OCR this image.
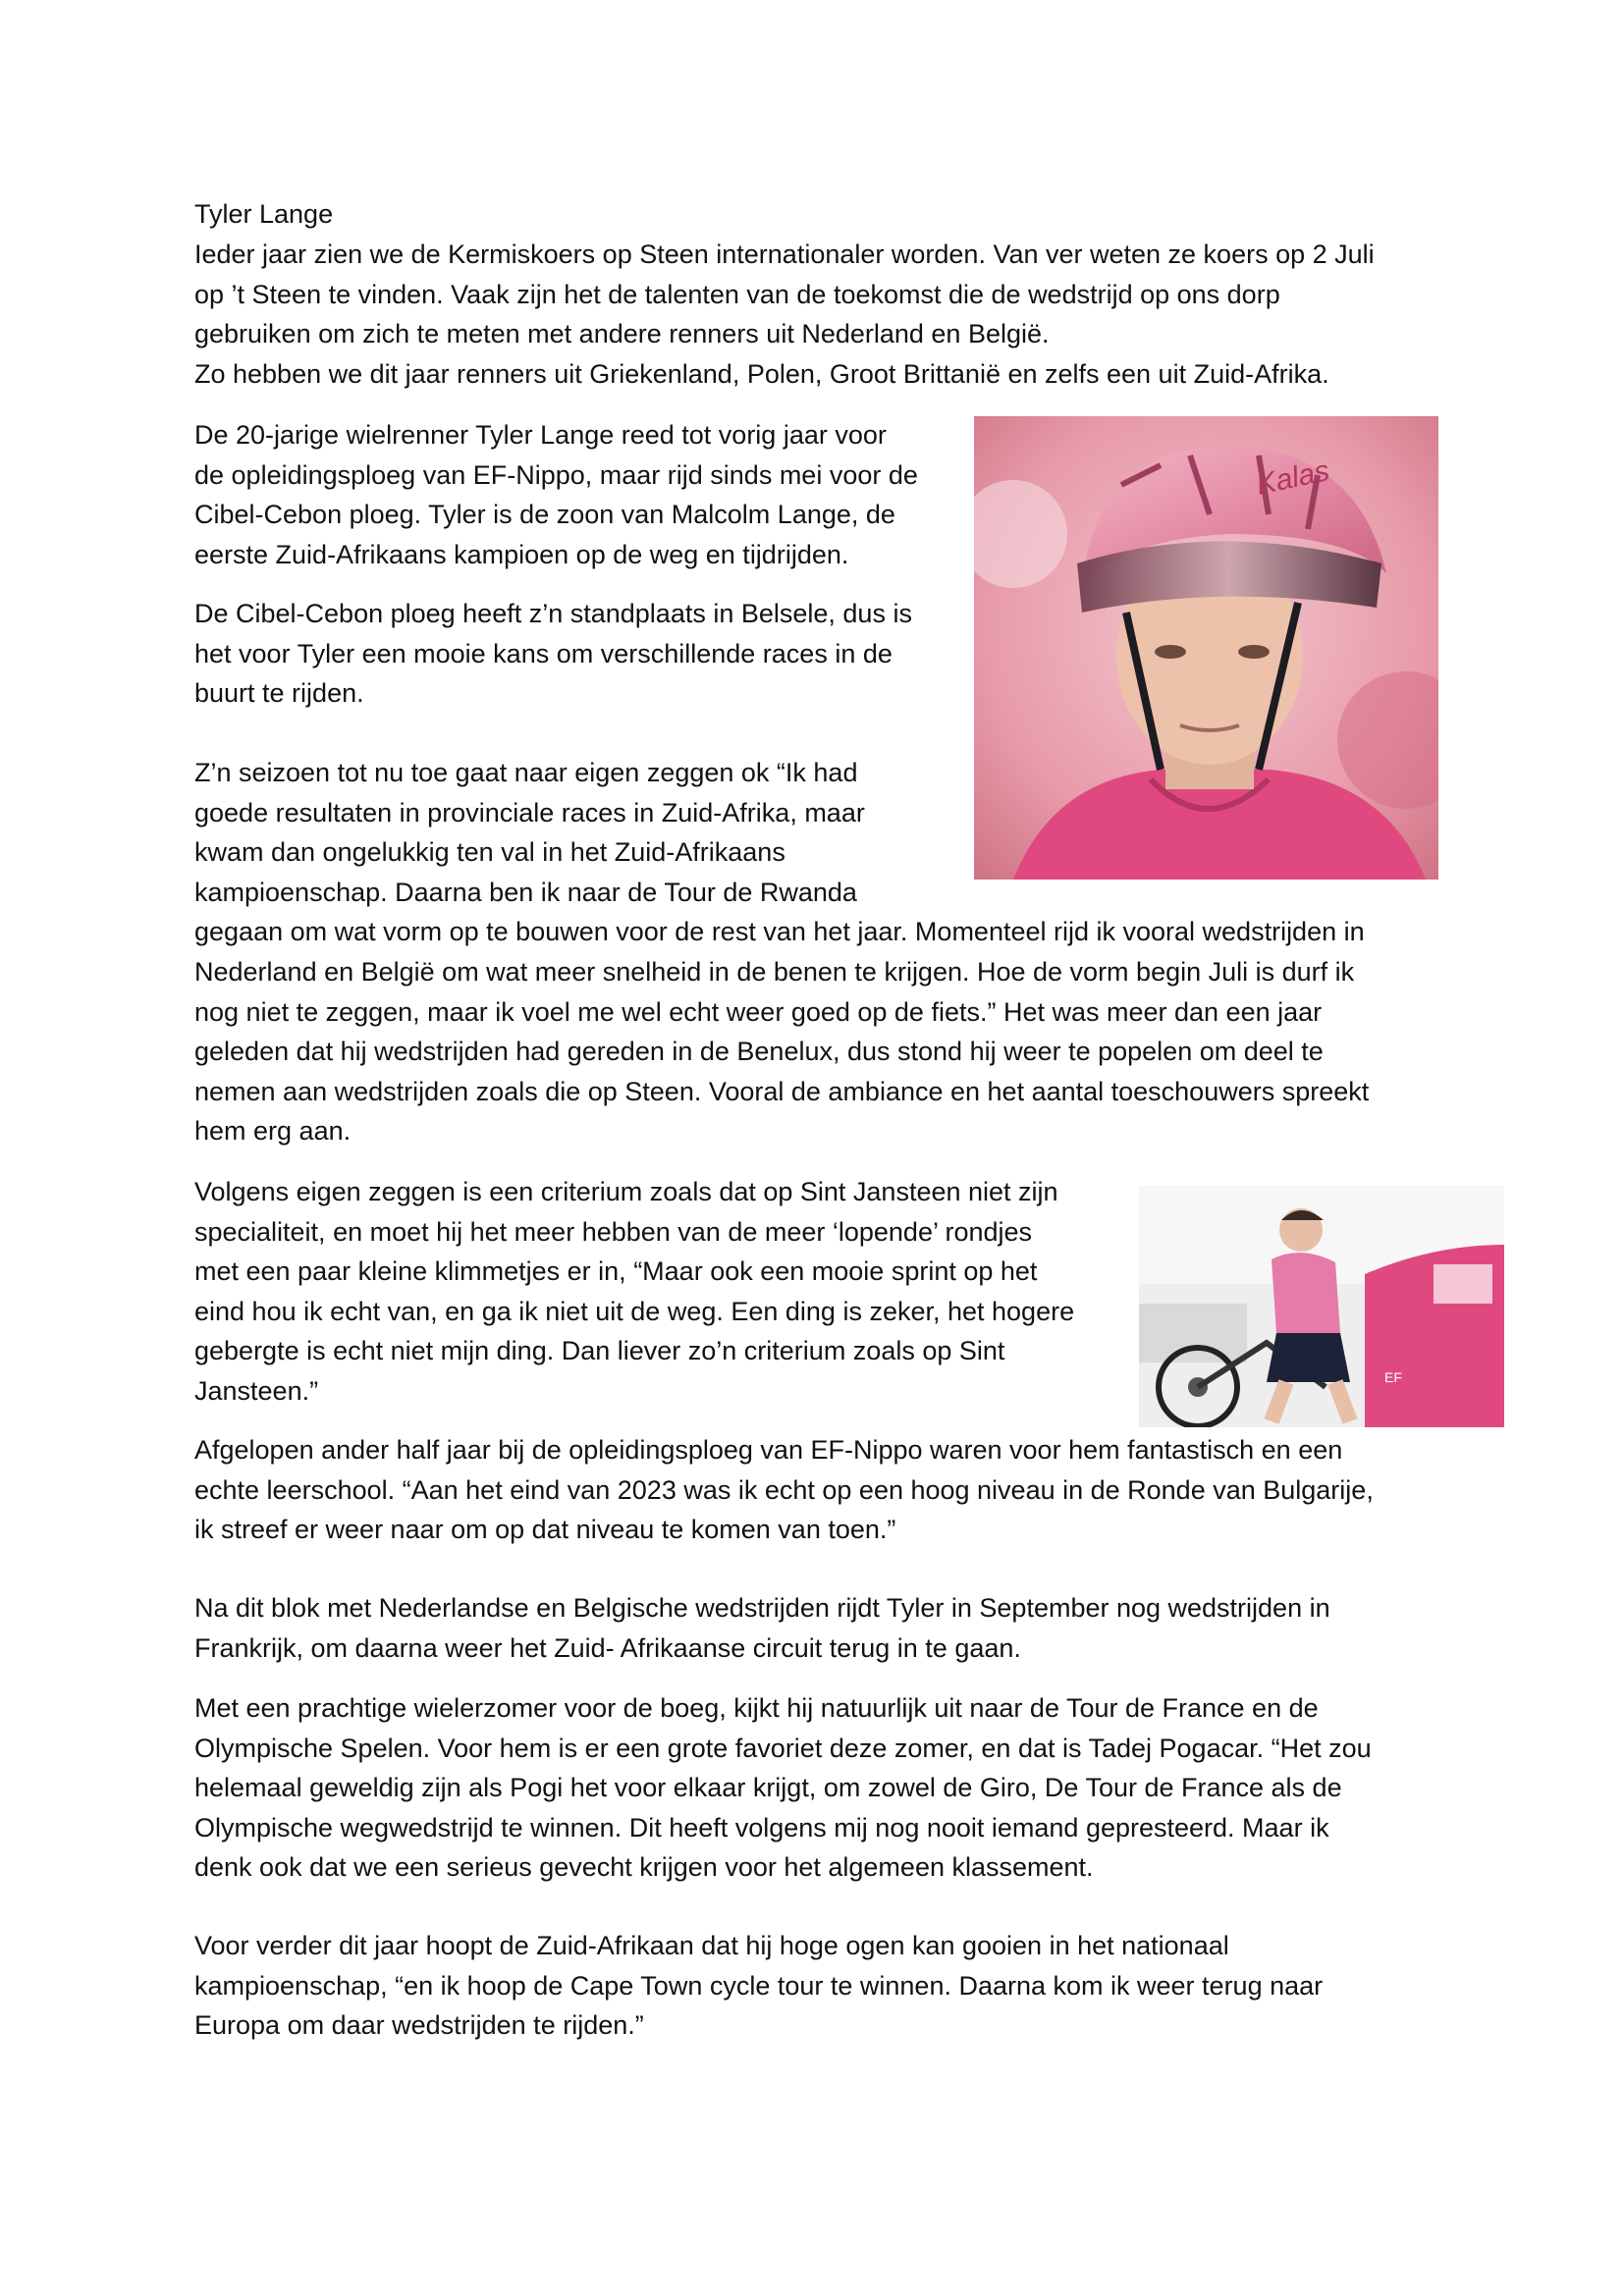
Tyler Lange

Ieder jaar zien we de Kermiskoers op Steen internationaler worden. Van ver weten ze koers op 2 Juli
op ’t Steen te vinden. Vaak zijn het de talenten van de toekomst die de wedstrijd op ons dorp
gebruiken om zich te meten met andere renners uit Nederland en België.
Zo hebben we dit jaar renners uit Griekenland, Polen, Groot Brittanië en zelfs een uit Zuid-Afrika.

De 20-jarige wielrenner Tyler Lange reed tot vorig jaar voor
de opleidingsploeg van EF-Nippo, maar rijd sinds mei voor de
Cibel-Cebon ploeg. Tyler is de zoon van Malcolm Lange, de
eerste Zuid-Afrikaans kampioen op de weg en tijdrijden.

De Cibel-Cebon ploeg heeft z’n standplaats in Belsele, dus is
het voor Tyler een mooie kans om verschillende races in de
buurt te rijden.

Z’n seizoen tot nu toe gaat naar eigen zeggen ok “Ik had
goede resultaten in provinciale races in Zuid-Afrika, maar
kwam dan ongelukkig ten val in het Zuid-Afrikaans
kampioenschap. Daarna ben ik naar de Tour de Rwanda
gegaan om wat vorm op te bouwen voor de rest van het jaar. Momenteel rijd ik vooral wedstrijden in
Nederland en België om wat meer snelheid in de benen te krijgen. Hoe de vorm begin Juli is durf ik
nog niet te zeggen, maar ik voel me wel echt weer goed op de fiets.” Het was meer dan een jaar
geleden dat hij wedstrijden had gereden in de Benelux, dus stond hij weer te popelen om deel te
nemen aan wedstrijden zoals die op Steen. Vooral de ambiance en het aantal toeschouwers spreekt
hem erg aan.

Volgens eigen zeggen is een criterium zoals dat op Sint Jansteen niet zijn
specialiteit, en moet hij het meer hebben van de meer ‘lopende’ rondjes
met een paar kleine klimmetjes er in, “Maar ook een mooie sprint op het
eind hou ik echt van, en ga ik niet uit de weg. Een ding is zeker, het hogere
gebergte is echt niet mijn ding. Dan liever zo’n criterium zoals op Sint
Jansteen.”

Afgelopen ander half jaar bij de opleidingsploeg van EF-Nippo waren voor hem fantastisch en een
echte leerschool. “Aan het eind van 2023 was ik echt op een hoog niveau in de Ronde van Bulgarije,
ik streef er weer naar om op dat niveau te komen van toen.”

Na dit blok met Nederlandse en Belgische wedstrijden rijdt Tyler in September nog wedstrijden in
Frankrijk, om daarna weer het Zuid- Afrikaanse circuit terug in te gaan.

Met een prachtige wielerzomer voor de boeg, kijkt hij natuurlijk uit naar de Tour de France en de
Olympische Spelen. Voor hem is er een grote favoriet deze zomer, en dat is Tadej Pogacar. “Het zou
helemaal geweldig zijn als Pogi het voor elkaar krijgt, om zowel de Giro, De Tour de France als de
Olympische wegwedstrijd te winnen. Dit heeft volgens mij nog nooit iemand gepresteerd. Maar ik
denk ook dat we een serieus gevecht krijgen voor het algemeen klassement.

Voor verder dit jaar hoopt de Zuid-Afrikaan dat hij hoge ogen kan gooien in het nationaal
kampioenschap, “en ik hoop de Cape Town cycle tour te winnen. Daarna kom ik weer terug naar
Europa om daar wedstrijden te rijden.”

Kalas
EF
